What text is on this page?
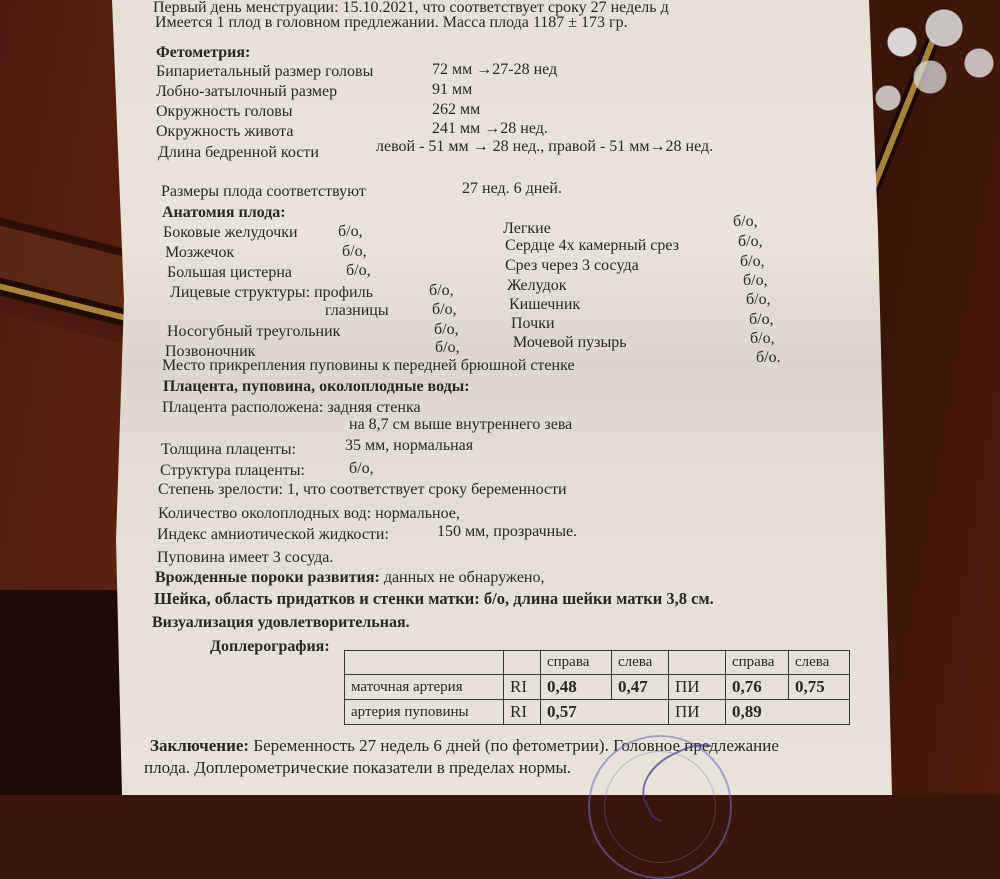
Первый день менструации: 15.10.2021, что соответствует сроку 27 недель д
Имеется 1 плод в головном предлежании. Масса плода 1187 ± 173 гр.
Фетометрия:
Бипариетальный размер головы	72 мм →27-28 нед
Лобно-затылочный размер	91 мм
Окружность головы	262 мм
Окружность живота	241 мм →28 нед.
Длина бедренной кости	левой - 51 мм → 28 нед., правой - 51 мм→28 нед.
Размеры плода соответствуют	27 нед. 6 дней.
Анатомия плода:
Боковые желудочки	б/о,
Мозжечок	б/о,
Большая цистерна	б/о,
Лицевые структуры: профиль	б/о,
глазницы	б/о,
Носогубный треугольник	б/о,
Позвоночник	б/о,
Легкие	б/о,
Сердце 4х камерный срез	б/о,
Срез через 3 сосуда	б/о,
Желудок	б/о,
Кишечник	б/о,
Почки	б/о,
Мочевой пузырь	б/о,
Место прикрепления пуповины к передней брюшной стенке	б/о.
Плацента, пуповина, околоплодные воды:
Плацента расположена: задняя стенка
на 8,7 см выше внутреннего зева
Толщина плаценты:	35 мм, нормальная
Структура плаценты:	б/о,
Степень зрелости: 1, что соответствует сроку беременности
Количество околоплодных вод: нормальное,
Индекс амниотической жидкости:	150 мм, прозрачные.
Пуповина имеет 3 сосуда.
Врожденные пороки развития: данных не обнаружено,
Шейка, область придатков и стенки матки: б/о, длина шейки матки 3,8 см.
Визуализация удовлетворительная.
Доплерография:
		справа	слева		справа	слева
маточная артерия	RI	0,48	0,47	ПИ	0,76	0,75
артерия пуповины	RI	0,57		ПИ	0,89	
Заключение: Беременность 27 недель 6 дней (по фетометрии). Головное предлежание
плода. Доплерометрические показатели в пределах нормы.
